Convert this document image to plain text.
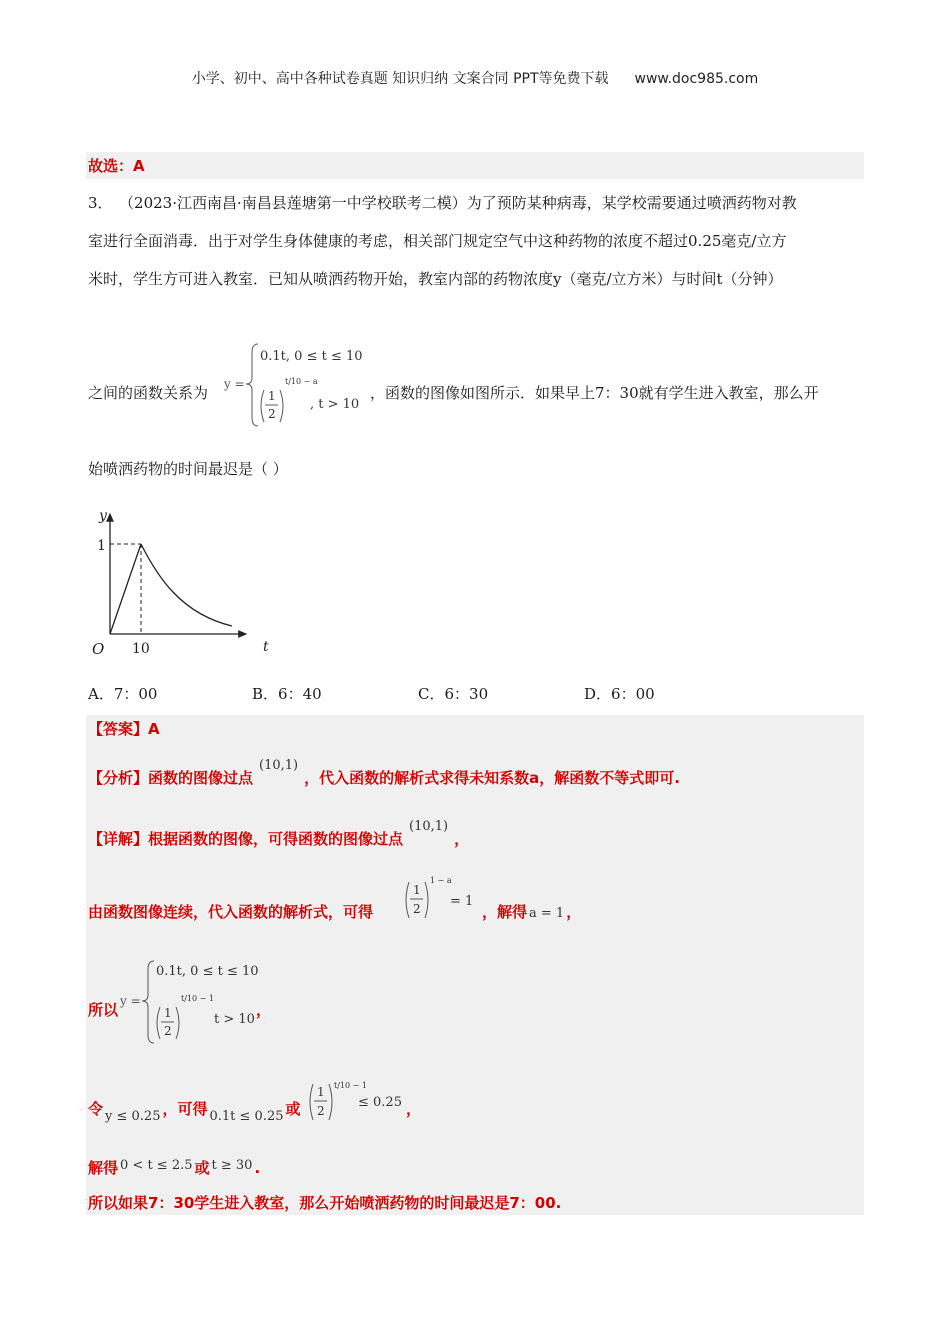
小学、初中、高中各种试卷真题 知识归纳 文案合同 PPT等免费下载 www.doc985.com
故选：A
3． （2023·江西南昌·南昌县莲塘第一中学校联考二模）为了预防某种病毒，某学校需要通过喷洒药物对教
室进行全面消毒．出于对学生身体健康的考虑，相关部门规定空气中这种药物的浓度不超过0.25毫克/立方
米时，学生方可进入教室．已知从喷洒药物开始，教室内部的药物浓度y（毫克/立方米）与时间t（分钟）
之间的函数关系为 y =
0.1t, 0 ≤ t ≤ 10
1
2
t/10 − a
, t > 10
，函数的图像如图所示．如果早上7：30就有学生进入教室，那么开
始喷洒药物的时间最迟是（ ）
y
t
O
1
10
A．7：00	B．6：40	C．6：30	D．6：00
【答案】A
【分析】函数的图像过点(10,1)，代入函数的解析式求得未知系数a，解函数不等式即可.
【详解】根据函数的图像，可得函数的图像过点(10,1)，
由函数图像连续，代入函数的解析式，可得
1
2
1 − a
= 1
，解得 a = 1 ，
所以 y =
0.1t, 0 ≤ t ≤ 10
1
2
t/10 − 1
t > 10
，
令 y ≤ 0.25 ，可得 0.1t ≤ 0.25 或
1
2
t/10 − 1
≤ 0.25 ，
解得 0 < t ≤ 2.5 或 t ≥ 30 .
所以如果7：30学生进入教室，那么开始喷洒药物的时间最迟是7：00.
